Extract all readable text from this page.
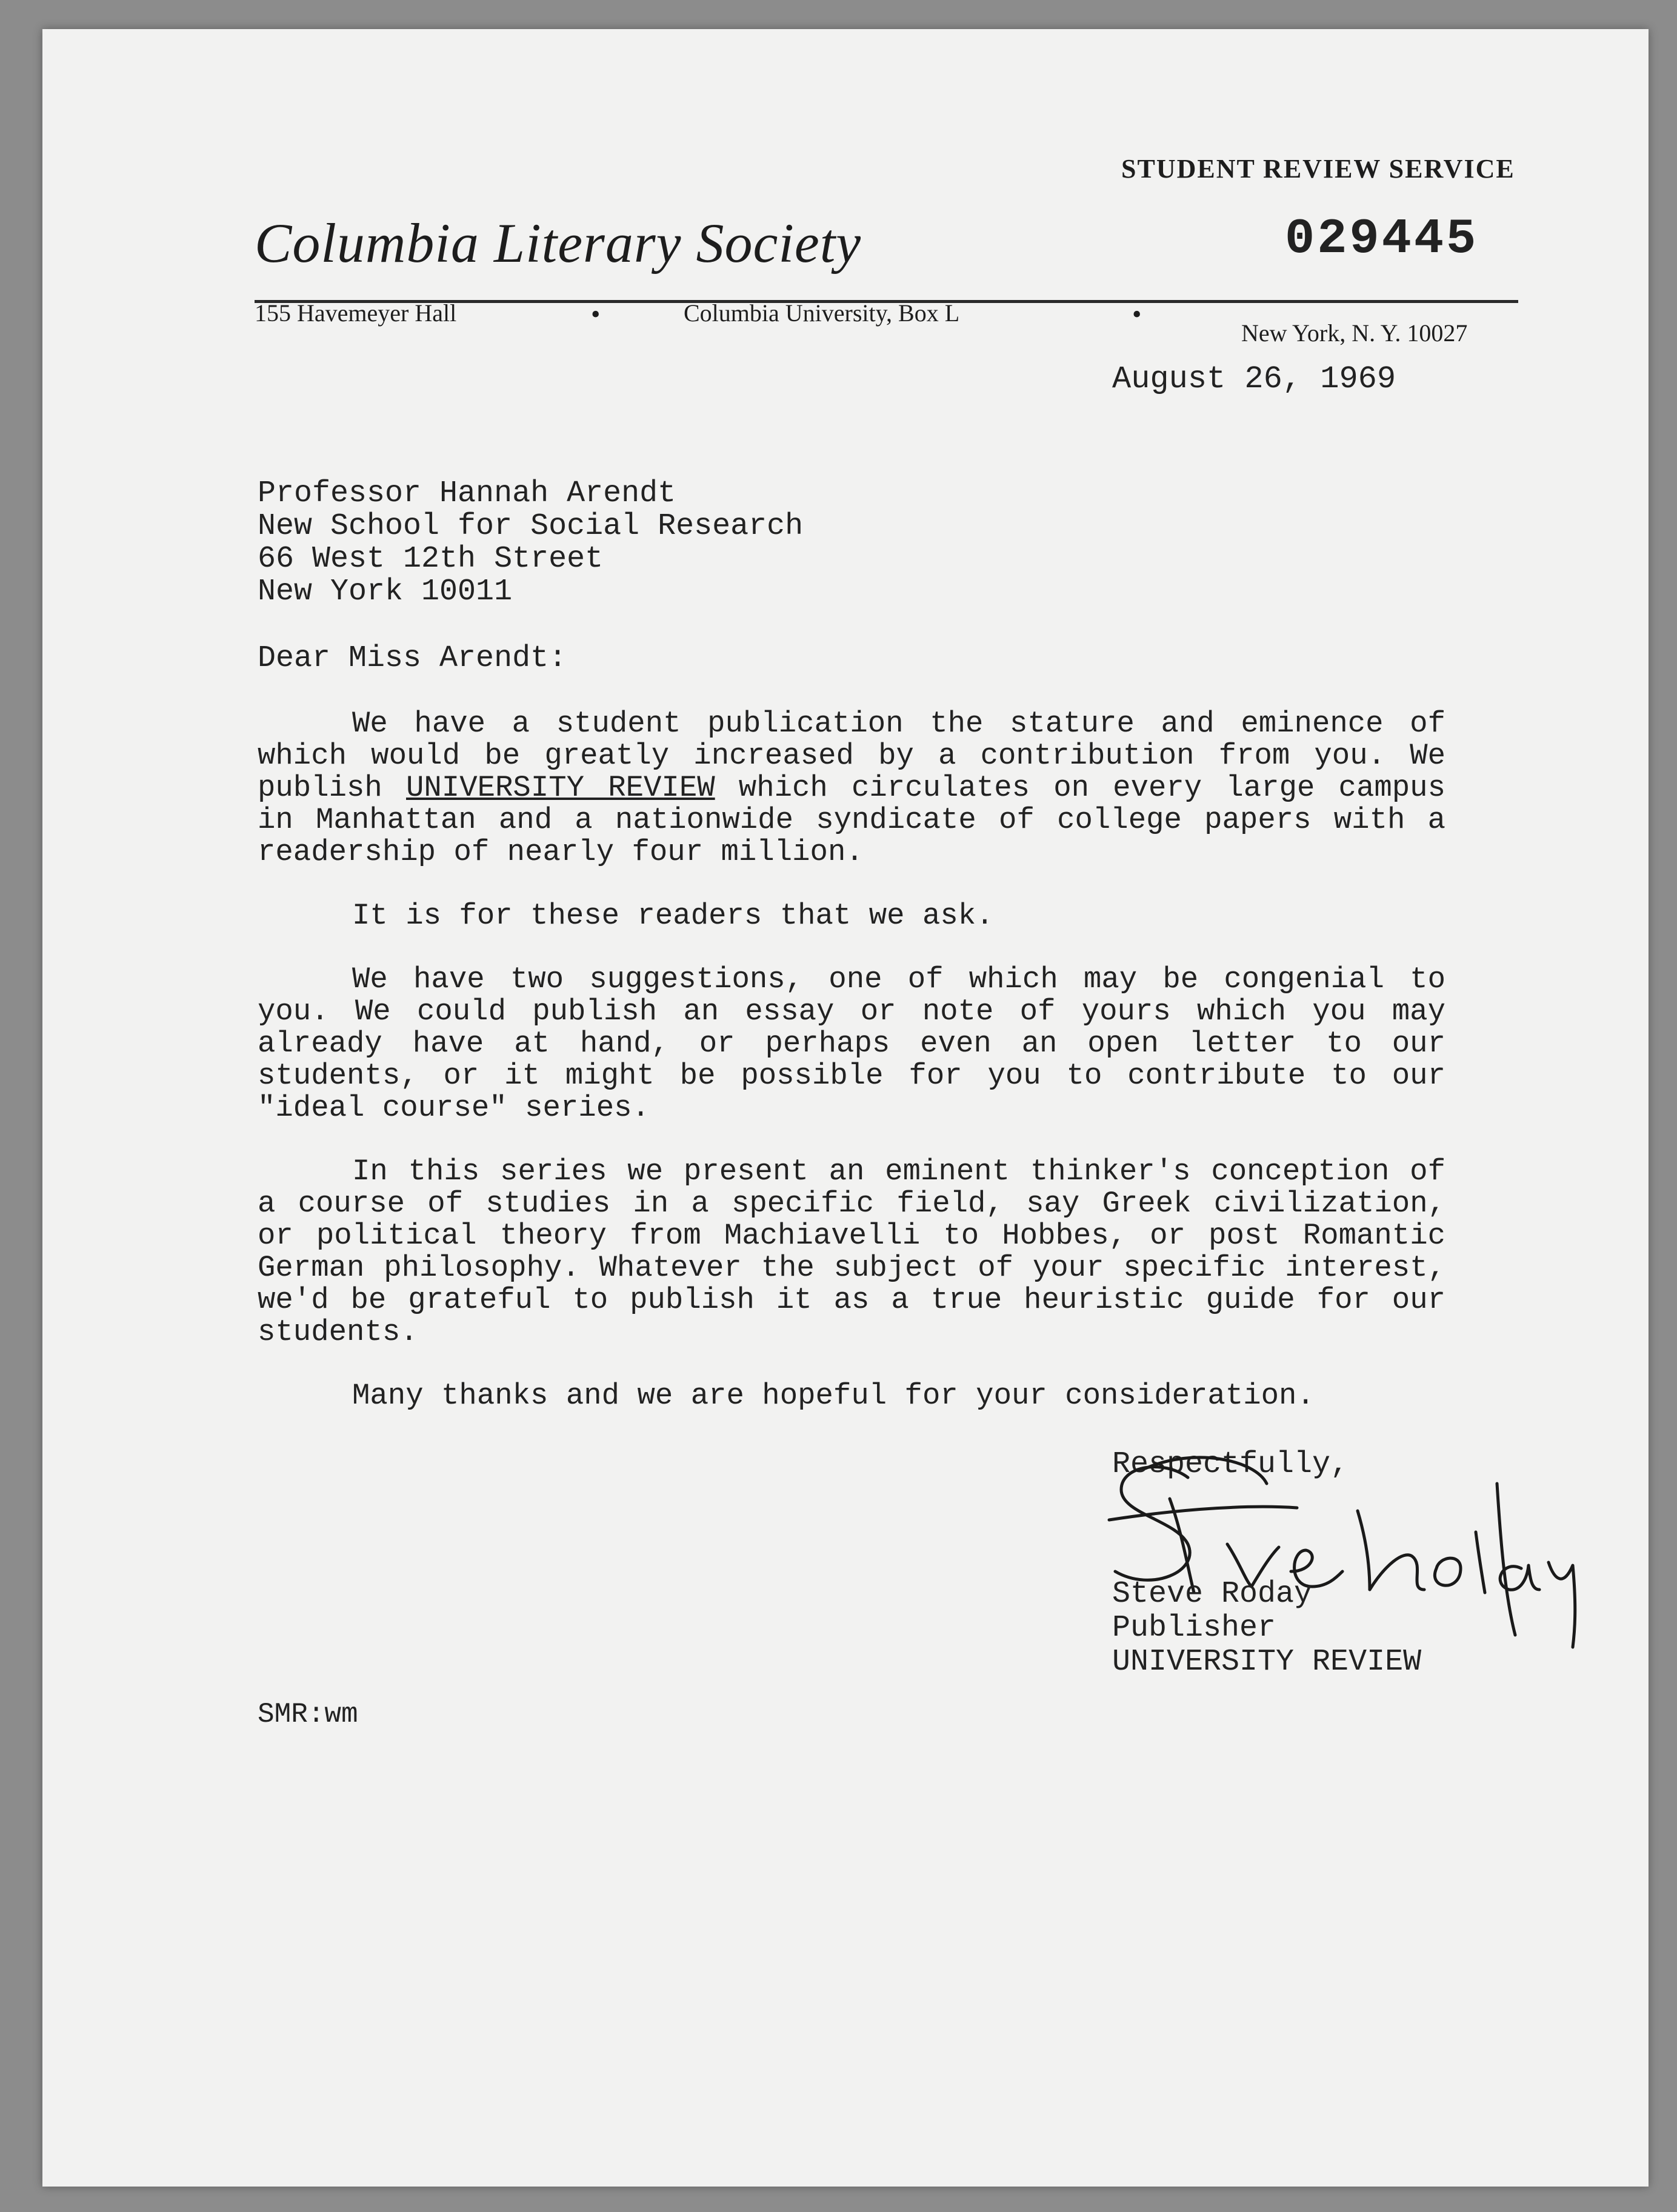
STUDENT REVIEW SERVICE
Columbia Literary Society	029445
155 Havemeyer Hall	•	Columbia University, Box L	•
New York, N. Y. 10027
August 26, 1969
Professor Hannah Arendt
New School for Social Research
66 West 12th Street
New York 10011
Dear Miss Arendt:

We have a student publication the stature and eminence of which would be greatly increased by a contribution from you. We publish UNIVERSITY REVIEW which circulates on every large campus in Manhattan and a nationwide syndicate of college papers with a readership of nearly four million.

It is for these readers that we ask.

We have two suggestions, one of which may be congenial to you. We could publish an essay or note of yours which you may already have at hand, or perhaps even an open letter to our students, or it might be possible for you to contribute to our "ideal course" series.

In this series we present an eminent thinker's conception of a course of studies in a specific field, say Greek civilization, or political theory from Machiavelli to Hobbes, or post Romantic German philosophy. Whatever the subject of your specific interest, we'd be grateful to publish it as a true heuristic guide for our students.

Many thanks and we are hopeful for your consideration.

Respectfully,
Steve Roday
Publisher
UNIVERSITY REVIEW
SMR:wm
